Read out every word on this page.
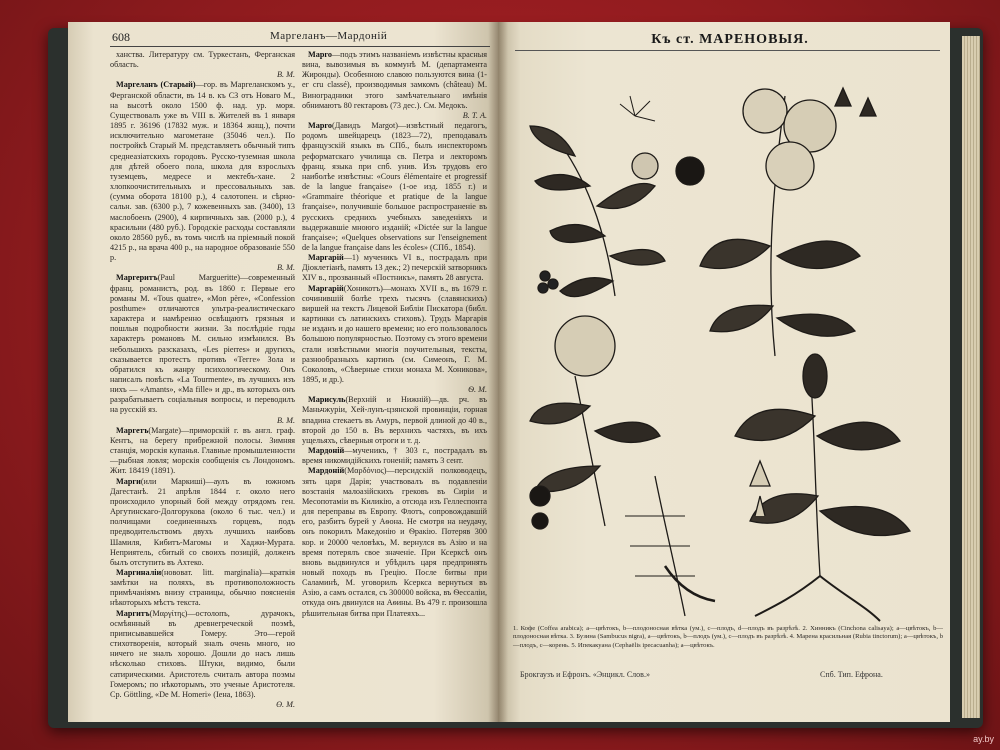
608	Маргеланъ—Мардоній

ханства. Литературу см. Туркестанъ, Ферганская область.
В. М.

Маргеланъ (Старый)—гор. въ Маргеланскомъ у., Ферганской области, въ 14 в. къ СЗ отъ Новаго М., на высотѣ около 1500 ф. над. ур. моря. Существовалъ уже въ VIII в. Жителей въ 1 января 1895 г. 36196 (17832 муж. и 18364 жнщ.), почти исключительно магометане (35046 чел.). По постройкѣ Старый М. представляетъ обычный типъ среднеазіатскихъ городовъ. Русско-туземная школа для дѣтей обоего пола, школа для взрослыхъ туземцевъ, медресе и мектебъ-хане. 2 хлопкоочистительныхъ и прессовальныхъ зав. (сумма оборота 18100 р.), 4 салотопен. и сѣрносальн. зав. (6300 р.), 7 кожевенныхъ зав. (3400), 13 маслобоенъ (2900), 4 кирпичныхъ зав. (2000 р.), 4 красильни (480 руб.). Городскіе расходы составляли около 28560 руб., въ томъ числѣ на пріемный покой 4215 р., на врача 400 р., на народное образованіе 550 р.
В. М.

Маргеритъ(Paul Margueritte)—современный франц. романистъ, род. въ 1860 г. Первые его романы М. «Tous quatre», «Mon père», «Confession posthume» отличаются ультра-реалистическаго характера и намѣренно освѣщаютъ грязныя и пошлыя подробности жизни. За послѣдніе годы характеръ романовъ М. сильно измѣнился. Въ небольшихъ разсказахъ, «Les pierres» и другихъ, сказывается протестъ противъ «Тегге» Зола и обратился къ жанру психологическому. Онъ написалъ повѣсть «La Tourmente», въ лучшихъ изъ нихъ — «Amants», «Ma fille» и др., въ которыхъ онъ разрабатываетъ соціальныя вопросы, и переводилъ на русскій яз.
В. М.

Маргетъ(Margate)—приморскій г. въ англ. граф. Кентъ, на берегу прибрежной полосы. Зимняя станція, морскія купанья. Главные промышленности—рыбная ловля; морскія сообщенія съ Лондономъ. Жит. 18419 (1891).

Марги(или Маркиші)—аулъ въ южномъ Дагестанѣ. 21 апрѣля 1844 г. около него происходило упорный бой между отрядомъ ген. Аргутинскаго-Долгорукова (около 6 тыс. чел.) и полчищами соединенныхъ горцевъ, подъ предводительствомъ двухъ лучшихъ наибовъ Шамиля, Кибитъ-Магомы и Хаджи-Мурата. Неприятель, сбитый со своихъ позицій, долженъ былъ отступить въ Ахтеко.

Маргиналіи(нововат. litt. marginalia)—краткія замѣтки на поляхъ, въ противоположность примѣчаніямъ внизу страницы, обычно поясненія нѣкоторыхъ мѣстъ текста.

Маргитъ(Μαργίτης)—остолопъ, дурачокъ, осмѣянный въ древнегреческой поэмѣ, приписывавшейся Гомеру. Это—герой стихотворенія, который зналъ очень много, но ничего не зналъ хорошо. Дошли до насъ лишь нѣсколько стиховъ. Штуки, видимо, были сатирическими. Аристотель считалъ автора поэмы Гомеромъ; по нѣкоторымъ, это ученые Аристотеля. Ср. Göttling, «De M. Homeri» (Іена, 1863).
Ө. М.

Марго—подъ этимъ названіемъ извѣстны красныя вина, вывозимыя въ коммунѣ М. (департамента Жиронды). Особенною славою пользуются вина (1-ег cru classé), производимыя замкомъ (château) М. Виноградники этого замѣчательнаго имѣнія обнимаютъ 80 гектаровъ (73 дес.). См. Медокъ.
В. Т. А.

Марго(Давидъ Margot)—извѣстный педагогъ, родомъ швейцарецъ (1823—72), преподавалъ французскій языкъ въ СПб., былъ инспекторомъ реформатскаго училища св. Петра и лекторомъ франц. языка при спб. унив. Изъ трудовъ его наиболѣе извѣстны: «Cours élémentaire et progressif de la langue française» (1-ое изд. 1855 г.) и «Grammaire théorique et pratique de la langue française», получившіе большое распространеніе въ русскихъ среднихъ учебныхъ заведеніяхъ и выдержавшіе мноюго изданій; «Dictée sur la langue française»; «Quelques observations sur l'enseignement de la langue française dans les écoles» (СПб., 1854).

Маргарій—1) мученикъ VI в., пострадалъ при Діоклетіанѣ, память 13 дек.; 2) печерскій затворникъ XIV в., прозванный «Постникъ», память 28 августа.

Маргарій(Хоникотъ)—монахъ XVII в., въ 1679 г. сочинившій болѣе трехъ тысячъ (славянскихъ) виршей на текстъ Лицевой Библіи Пискатора (библ. картинки съ латинскихъ стиховъ). Трудъ Маргарія не изданъ и до нашего времени; но его пользовалось большою популярностью. Поэтому съ этого времени стали извѣстными многія поучительныя, тексты, разнообразныхъ картинъ (см. Симеонъ, Г. М. Соколовъ, «Сѣверные стихи монаха М. Хоникова», 1895, и др.).
Ѳ. М.

Марисуль(Верхній и Нижній)—дв. рч. въ Маньчжуріи, Хей-лунъ-цзянской провинціи, горная впадина стекаетъ въ Амуръ, первой длиной до 40 в., второй до 150 в. Въ верхнихъ частяхъ, въ ихъ ущельяхъ, сѣверныя отроги и т. д.

Мардоній—мученикъ, † 303 г., пострадалъ въ время никомидійскихъ гоненій; память 3 сент.

Мардоній(Μαρδόνιος)—персидскій полководецъ, зять царя Дарія; участвовалъ въ подавленіи возстанія малоазійскихъ грековъ въ Сиріи и Месопотаміи въ Киликію, а отсюда изъ Геллеспонта для переправы въ Европу. Флотъ, сопровождавшій его, разбитъ бурей у Аѳона. Не смотря на неудачу, онъ покорилъ Македонію и Ѳракію. Потеряв 300 кор. и 20000 человѣкъ, М. вернулся въ Азію и на время потерялъ свое значеніе. При Ксерксѣ онъ вновь выдвинулся и убѣдилъ царя предпринять новый походъ въ Грецію. После битвы при Саламинѣ, М. уговорилъ Ксеркса вернуться въ Азію, а самъ остался, съ 300000 войска, въ Ѳессаліи, откуда онъ двинулся на Аѳины. Въ 479 г. произошла рѣшительная битва при Платеяхъ...

Къ ст. МАРЕНОВЫЯ.
1. Кофе (Coffea arabica); а—цвѣтокъ, b—плодоносная вѣтка (ум.), с—плодъ, d—плодъ въ разрѣзѣ. 2. Хинникъ (Cinchona calisaya); а—цвѣтокъ, b—плодоносная вѣтка. 3. Бузина (Sambucus nigra), а—цвѣтокъ, b—плодъ (ум.), с—плодъ въ разрѣзѣ. 4. Марена красильная (Rubia tinctorum); а—цвѣтокъ, b—плодъ, с—корень. 5. Ипекакуана (Cephaëlis ipecacuanha); а—цвѣтокъ.
Брокгаузъ и Ефронъ. «Энцикл. Слов.»	Спб. Тип. Ефрона.
ay.by
